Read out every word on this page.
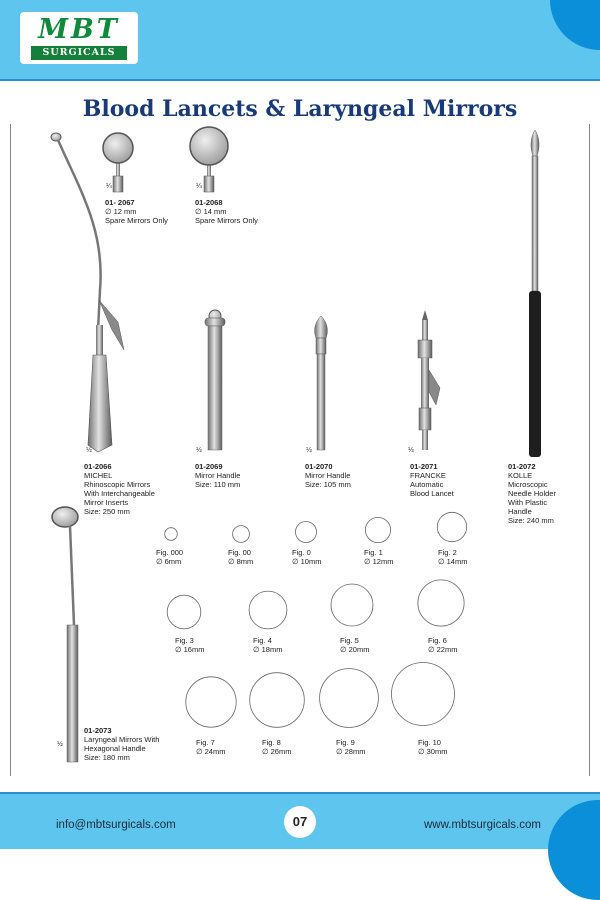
MBT
SURGICALS
Blood Lancets & Laryngeal Mirrors
¼	¼
½	½	½	½
½
01- 2067
∅ 12 mm
Spare Mirrors Only
01-2068
∅ 14 mm
Spare Mirrors Only
01-2066
MICHEL
Rhinoscopic Mirrors
With Interchangeable
Mirror Inserts
Size: 250 mm
01-2069
Mirror Handle
Size: 110 mm
01-2070
Mirror Handle
Size: 105 mm
01-2071
FRANCKE
Automatic
Blood Lancet
01-2072
KOLLE
Microscopic
Needle Holder
With Plastic
Handle
Size: 240 mm
01-2073
Laryngeal Mirrors With
Hexagonal Handle
Size: 180 mm
Fig. 000
∅ 6mm
Fig. 00
∅ 8mm
Fig. 0
∅ 10mm
Fig. 1
∅ 12mm
Fig. 2
∅ 14mm
Fig. 3
∅ 16mm
Fig. 4
∅ 18mm
Fig. 5
∅ 20mm
Fig. 6
∅ 22mm
Fig. 7
∅ 24mm
Fig. 8
∅ 26mm
Fig. 9
∅ 28mm
Fig. 10
∅ 30mm
info@mbtsurgicals.com	07	www.mbtsurgicals.com
